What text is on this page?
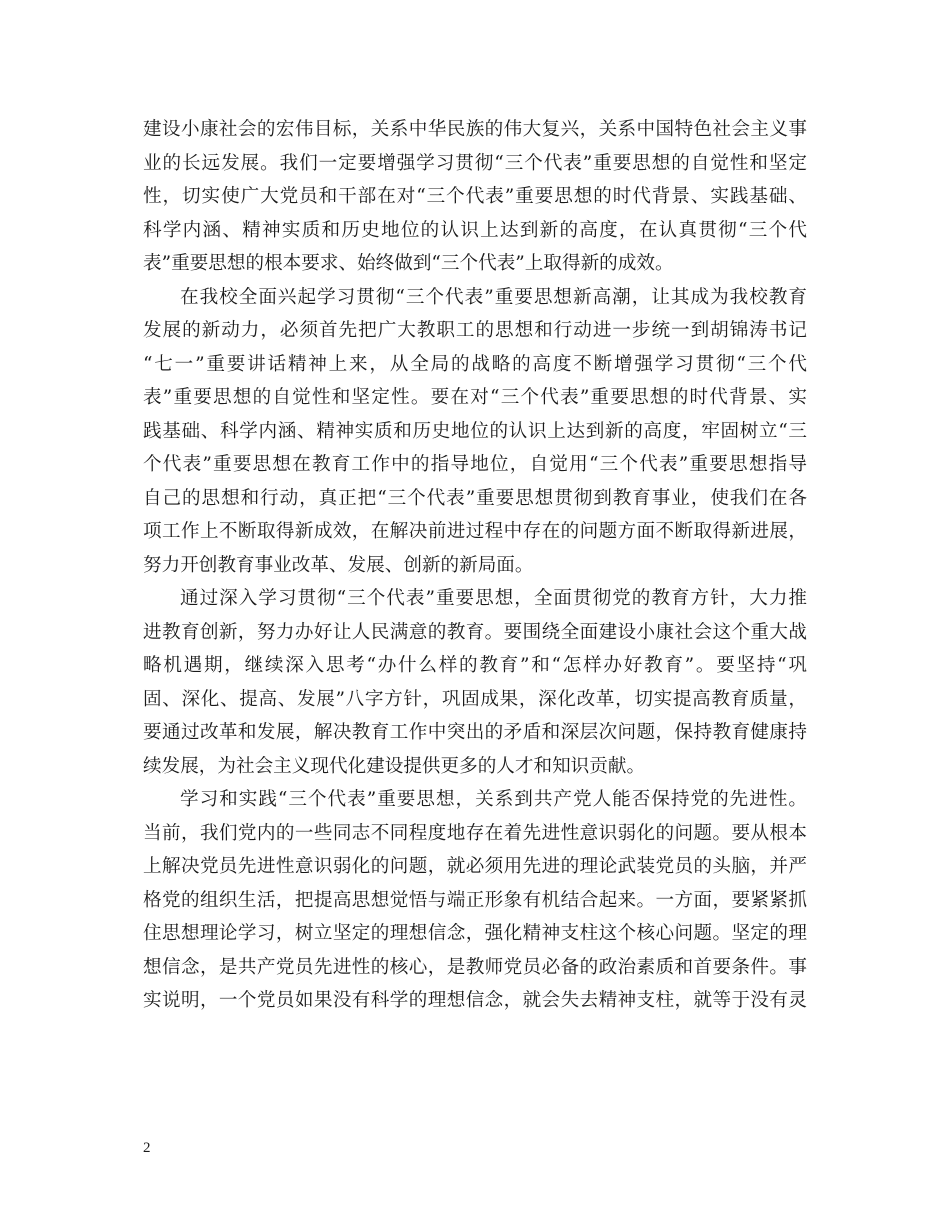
建设小康社会的宏伟目标，关系中华民族的伟大复兴，关系中国特色社会主义事

业的长远发展。我们一定要增强学习贯彻“三个代表”重要思想的自觉性和坚定

性，切实使广大党员和干部在对“三个代表”重要思想的时代背景、实践基础、

科学内涵、精神实质和历史地位的认识上达到新的高度，在认真贯彻“三个代

表”重要思想的根本要求、始终做到“三个代表”上取得新的成效。

在我校全面兴起学习贯彻“三个代表”重要思想新高潮，让其成为我校教育

发展的新动力，必须首先把广大教职工的思想和行动进一步统一到胡锦涛书记

“七一”重要讲话精神上来，从全局的战略的高度不断增强学习贯彻“三个代

表”重要思想的自觉性和坚定性。要在对“三个代表”重要思想的时代背景、实

践基础、科学内涵、精神实质和历史地位的认识上达到新的高度，牢固树立“三

个代表”重要思想在教育工作中的指导地位，自觉用“三个代表”重要思想指导

自己的思想和行动，真正把“三个代表”重要思想贯彻到教育事业，使我们在各

项工作上不断取得新成效，在解决前进过程中存在的问题方面不断取得新进展，

努力开创教育事业改革、发展、创新的新局面。

通过深入学习贯彻“三个代表”重要思想，全面贯彻党的教育方针，大力推

进教育创新，努力办好让人民满意的教育。要围绕全面建设小康社会这个重大战

略机遇期，继续深入思考“办什么样的教育”和“怎样办好教育”。要坚持“巩

固、深化、提高、发展”八字方针，巩固成果，深化改革，切实提高教育质量，

要通过改革和发展，解决教育工作中突出的矛盾和深层次问题，保持教育健康持

续发展，为社会主义现代化建设提供更多的人才和知识贡献。

学习和实践“三个代表”重要思想，关系到共产党人能否保持党的先进性。

当前，我们党内的一些同志不同程度地存在着先进性意识弱化的问题。要从根本

上解决党员先进性意识弱化的问题，就必须用先进的理论武装党员的头脑，并严

格党的组织生活，把提高思想觉悟与端正形象有机结合起来。一方面，要紧紧抓

住思想理论学习，树立坚定的理想信念，强化精神支柱这个核心问题。坚定的理

想信念，是共产党员先进性的核心，是教师党员必备的政治素质和首要条件。事

实说明，一个党员如果没有科学的理想信念，就会失去精神支柱，就等于没有灵

2
